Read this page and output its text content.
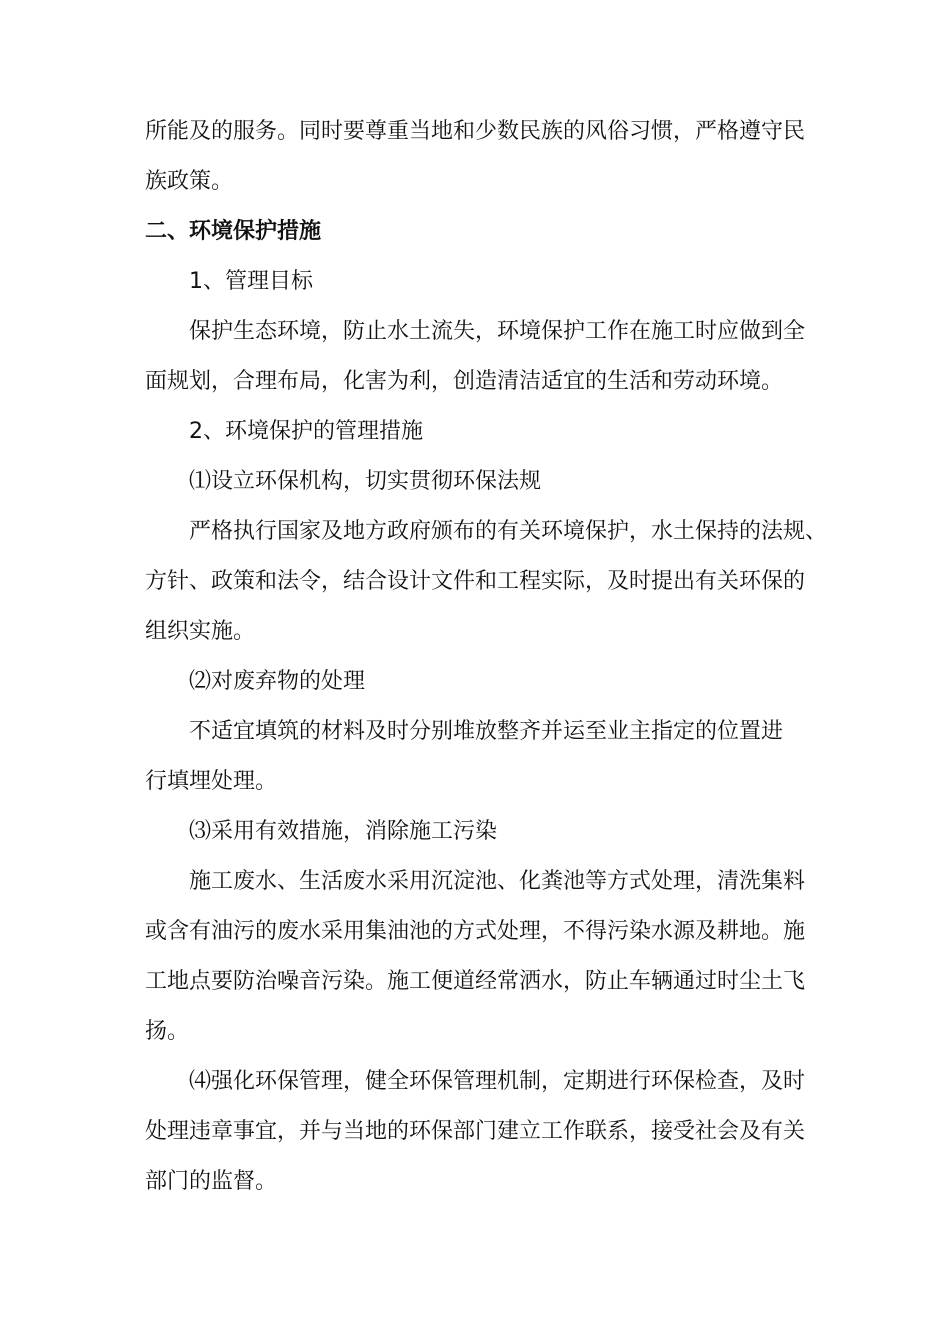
所能及的服务。同时要尊重当地和少数民族的风俗习惯，严格遵守民
族政策。
二、环境保护措施
1、管理目标
保护生态环境，防止水土流失，环境保护工作在施工时应做到全
面规划，合理布局，化害为利，创造清洁适宜的生活和劳动环境。
2、环境保护的管理措施
⑴设立环保机构，切实贯彻环保法规
严格执行国家及地方政府颁布的有关环境保护，水土保持的法规、
方针、政策和法令，结合设计文件和工程实际，及时提出有关环保的
组织实施。
⑵对废弃物的处理
不适宜填筑的材料及时分别堆放整齐并运至业主指定的位置进
行填埋处理。
⑶采用有效措施，消除施工污染
施工废水、生活废水采用沉淀池、化粪池等方式处理，清洗集料
或含有油污的废水采用集油池的方式处理，不得污染水源及耕地。施
工地点要防治噪音污染。施工便道经常洒水，防止车辆通过时尘土飞
扬。
⑷强化环保管理，健全环保管理机制，定期进行环保检查，及时
处理违章事宜，并与当地的环保部门建立工作联系，接受社会及有关
部门的监督。
